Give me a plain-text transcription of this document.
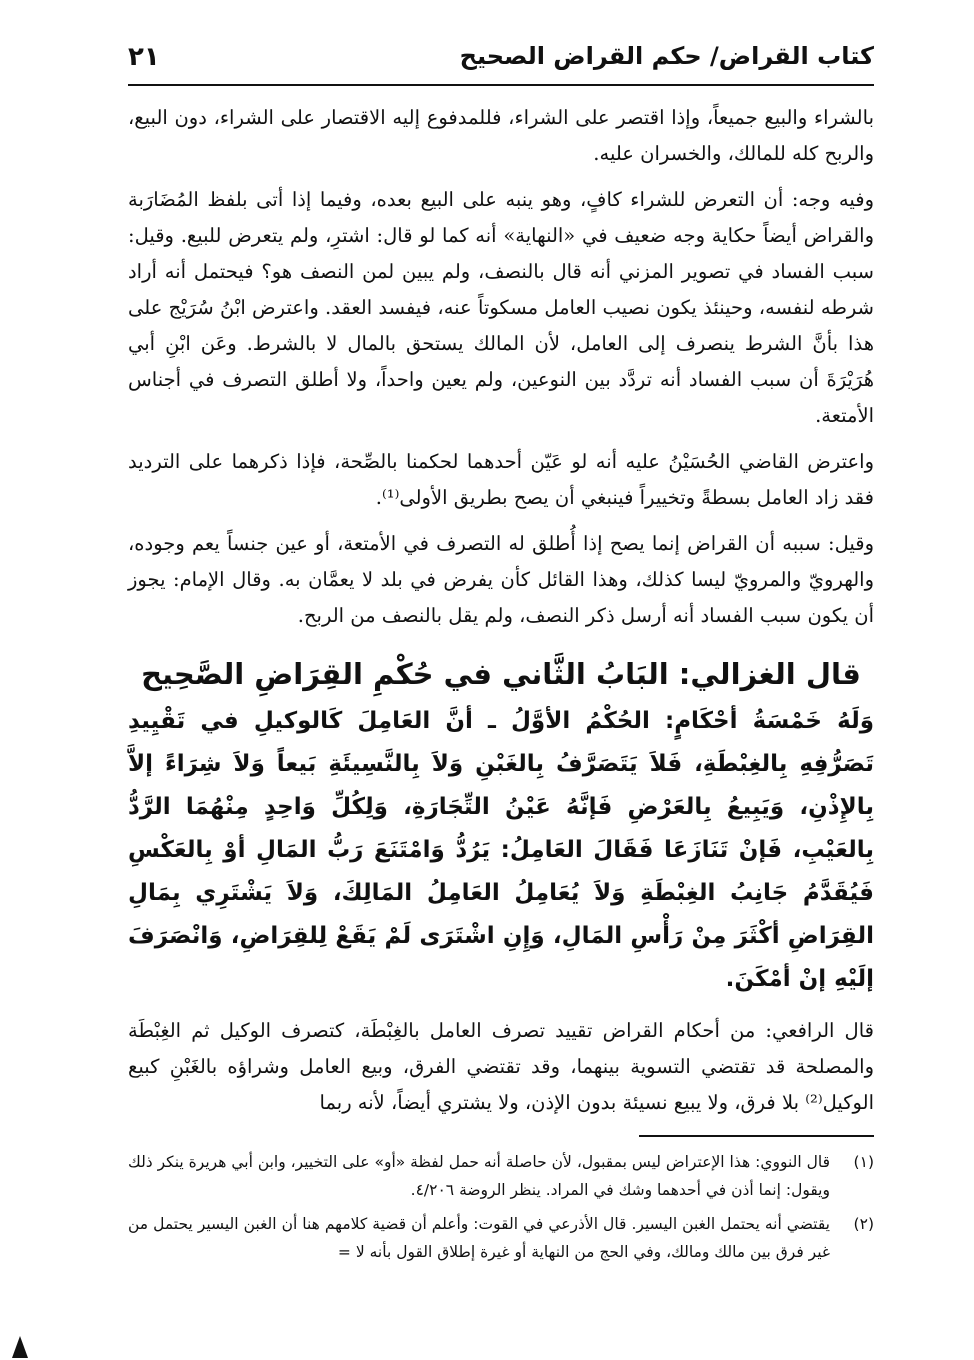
كتاب القراض/ حكم القراض الصحيح
٢١

بالشراء والبيع جميعاً، وإذا اقتصر على الشراء، فللمدفوع إليه الاقتصار على الشراء، دون البيع، والربح كله للمالك، والخسران عليه.

وفيه وجه: أن التعرض للشراء كافٍ، وهو ينبه على البيع بعده، وفيما إذا أتى بلفظ المُضَارَبة والقراض أيضاً حكاية وجه ضعيف في «النهاية» أنه كما لو قال: اشترِ، ولم يتعرض للبيع. وقيل: سبب الفساد في تصوير المزني أنه قال بالنصف، ولم يبين لمن النصف هو؟ فيحتمل أنه أراد شرطه لنفسه، وحينئذ يكون نصيب العامل مسكوتاً عنه، فيفسد العقد. واعترض ابْنُ سُرَيْج على هذا بأنَّ الشرط ينصرف إلى العامل، لأن المالك يستحق بالمال لا بالشرط. وعَن ابْنِ أبي هُرَيْرَةَ أن سبب الفساد أنه تردَّد بين النوعين، ولم يعين واحداً، ولا أطلق التصرف في أجناس الأمتعة.

واعترض القاضي الحُسَيْنُ عليه أنه لو عَيّن أحدهما لحكمنا بالصِّحة، فإذا ذكرهما على الترديد فقد زاد العامل بسطةً وتخييراً فينبغي أن يصح بطريق الأولى⁽¹⁾.

وقيل: سببه أن القراض إنما يصح إذا أُطلق له التصرف في الأمتعة، أو عين جنساً يعم وجوده، والهرويّ والمرويّ ليسا كذلك، وهذا القائل كأن يفرض في بلد لا يعمَّان به. وقال الإمام: يجوز أن يكون سبب الفساد أنه أرسل ذكر النصف، ولم يقل بالنصف من الربح.

قال الغزالي: البَابُ الثَّاني في حُكْمِ القِرَاضِ الصَّحِيح
وَلَهُ خَمْسَةُ أحْكَامٍ: الحُكْمُ الأوَّلُ ـ أنَّ العَامِلَ كَالوكيلِ في تَقْيِيدِ تَصَرُّفِهِ بِالغِبْطَةِ، فَلاَ يَتَصَرَّفُ بِالغَبْنِ وَلاَ بِالنَّسِيئَةِ بَيعاً وَلاَ شِرَاءً إلاَّ بِالإِذْنِ، وَيَبِيعُ بِالعَرْضِ فَإنَّهُ عَيْنُ التِّجَارَةِ، وَلِكُلِّ وَاحِدٍ مِنْهُمَا الرَّدُّ بِالعَيْبِ، فَإنْ تَنَازَعَا فَقَالَ العَامِلُ: يَرُدُّ وَامْتَنَعَ رَبُّ المَالِ أوْ بِالعَكْسِ فَيُقَدَّمُ جَانِبُ الغِبْطَةِ وَلاَ يُعَامِلُ العَامِلُ المَالِكَ، وَلاَ يَشْتَرِي بِمَالِ القِرَاضِ أكْثَرَ مِنْ رَأْسِ المَالِ، وَإِنِ اشْتَرَى لَمْ يَقَعْ لِلقِرَاضِ، وَانْصَرَفَ إلَيْهِ إنْ أمْكَنَ.

قال الرافعي: من أحكام القراض تقييد تصرف العامل بالغِبْطَة، كتصرف الوكيل ثم الغِبْطَة والمصلحة قد تقتضي التسوية بينهما، وقد تقتضي الفرق، وبيع العامل وشراؤه بالغَبْنِ كبيع الوكيل⁽²⁾ بلا فرق، ولا يبيع نسيئة بدون الإذن، ولا يشتري أيضاً، لأنه ربما

(١)
قال النووي: هذا الإعتراض ليس بمقبول، لأن حاصلة أنه حمل لفظة «أو» على التخيير، وابن أبي هريرة ينكر ذلك ويقول: إنما أذن في أحدهما وشك في المراد. ينظر الروضة ٤/٢٠٦.
(٢)
يقتضي أنه يحتمل الغبن اليسير. قال الأذرعي في القوت: وأعلم أن قضية كلامهم هنا أن الغبن اليسير يحتمل من غير فرق بين مالك ومالك، وفي الحج من النهاية أو غيرة إطلاق القول بأنه لا =
